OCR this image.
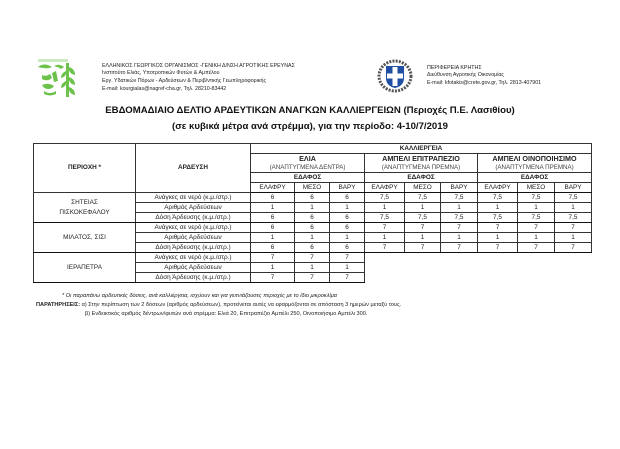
ΕΛΛΗΝΙΚΟΣ ΓΕΩΡΓΙΚΟΣ ΟΡΓΑΝΙΣΜΟΣ -ΓΕΝΙΚΗ Δ/ΝΣΗ ΑΓΡΟΤΙΚΗΣ ΕΡΕΥΝΑΣ
Ινστιτούτο Ελιάς, Υποτροπικών Φυτών & Αμπέλου
Εργ. Υδατικών Πόρων - Αρδεύσεων & Περιβ/ντικής Γεωπληροφορικής
E-mail: kourgialas@nagref-cha.gr, Τηλ. 28210-83442
ΠΕΡΙΦΕΡΕΙΑ ΚΡΗΤΗΣ
Διεύθυνση Αγροτικής Οικονομίας
E-mail: kfotakis@crete.gov.gr, Τηλ. 2813-407901
ΕΒΔΟΜΑΔΙΑΙΟ ΔΕΛΤΙΟ ΑΡΔΕΥΤΙΚΩΝ ΑΝΑΓΚΩΝ ΚΑΛΛΙΕΡΓΕΙΩΝ (Περιοχές Π.Ε. Λασιθίου)
(σε κυβικά μέτρα ανά στρέμμα), για την περίοδο: 4-10/7/2019
ΠΕΡΙΟΧΗ *	ΑΡΔΕΥΣΗ	ΚΑΛΛΙΕΡΓΕΙΑ								
		ΕΛΙΑ			ΑΜΠΕΛΙ ΕΠΙΤΡΑΠΕΖΙΟ			ΑΜΠΕΛΙ ΟΙΝΟΠΟΙΗΣΙΜΟ		
		(ΑΝΑΠΤΥΓΜΕΝΑ ΔΕΝΤΡΑ)			(ΑΝΑΠΤΥΓΜΕΝΑ ΠΡΕΜΝΑ)			(ΑΝΑΠΤΥΓΜΕΝΑ ΠΡΕΜΝΑ)		
		ΕΔΑΦΟΣ			ΕΔΑΦΟΣ			ΕΔΑΦΟΣ		
		ΕΛΑΦΡΥ	ΜΕΣΟ	ΒΑΡΥ	ΕΛΑΦΡΥ	ΜΕΣΟ	ΒΑΡΥ	ΕΛΑΦΡΥ	ΜΕΣΟ	ΒΑΡΥ

ΣΗΤΕΙΑΣ
ΠΙΣΚΟΚΕΦΑΛΟΥ	Ανάγκες σε νερό (κ.μ./στρ.)	6	6	6	7,5	7,5	7,5	7,5	7,5	7,5
	Αριθμός Αρδεύσεων	1	1	1	1	1	1	1	1	1
	Δόση Άρδευσης (κ.μ./στρ.)	6	6	6	7,5	7,5	7,5	7,5	7,5	7,5

ΜΙΛΑΤΟΣ, ΣΙΣΙ	Ανάγκες σε νερό (κ.μ./στρ.)	6	6	6	7	7	7	7	7	7
	Αριθμός Αρδεύσεων	1	1	1	1	1	1	1	1	1
	Δόση Άρδευσης (κ.μ./στρ.)	6	6	6	7	7	7	7	7	7

ΙΕΡΑΠΕΤΡΑ	Ανάγκες σε νερό (κ.μ./στρ.)	7	7	7						
	Αριθμός Αρδεύσεων	1	1	1						
	Δόση Άρδευσης (κ.μ./στρ.)	7	7	7						
* Οι παραπάνω αρδευτικές δόσεις, ανά καλλιέργεια, ισχύουν και για γειτνιάζουσες περιοχές με το ίδιο μικροκλίμα
ΠΑΡΑΤΗΡΗΣΕΙΣ: α) Στην περίπτωση των 2 δόσεων (αριθμός αρδεύσεων), προτείνεται αυτές να εφαρμόζονται σε απόσταση 3 ημερών μεταξύ τους.
β) Ενδεικτικός αριθμός δέντρων/φυτών ανά στρέμμα: Ελιά 20, Επιτραπέζιο Αμπέλι 250, Οινοποιήσιμο Αμπέλι 300.
